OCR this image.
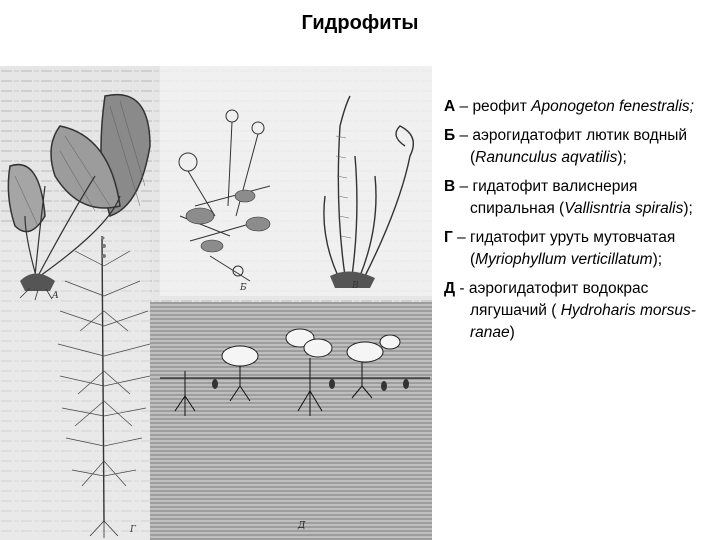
Гидрофиты
А
Б	В
Г	Д
А – реофит Aponogeton fenestralis;
Б – аэрогидатофит лютик водный (Ranunculus aqvatilis);
В – гидатофит валиснерия спиральная (Vallisntria spiralis);
Г – гидатофит уруть мутовчатая (Myriophyllum verticillatum);
Д - аэрогидатофит водокрас лягушачий ( Hydroharis morsus-ranae)
